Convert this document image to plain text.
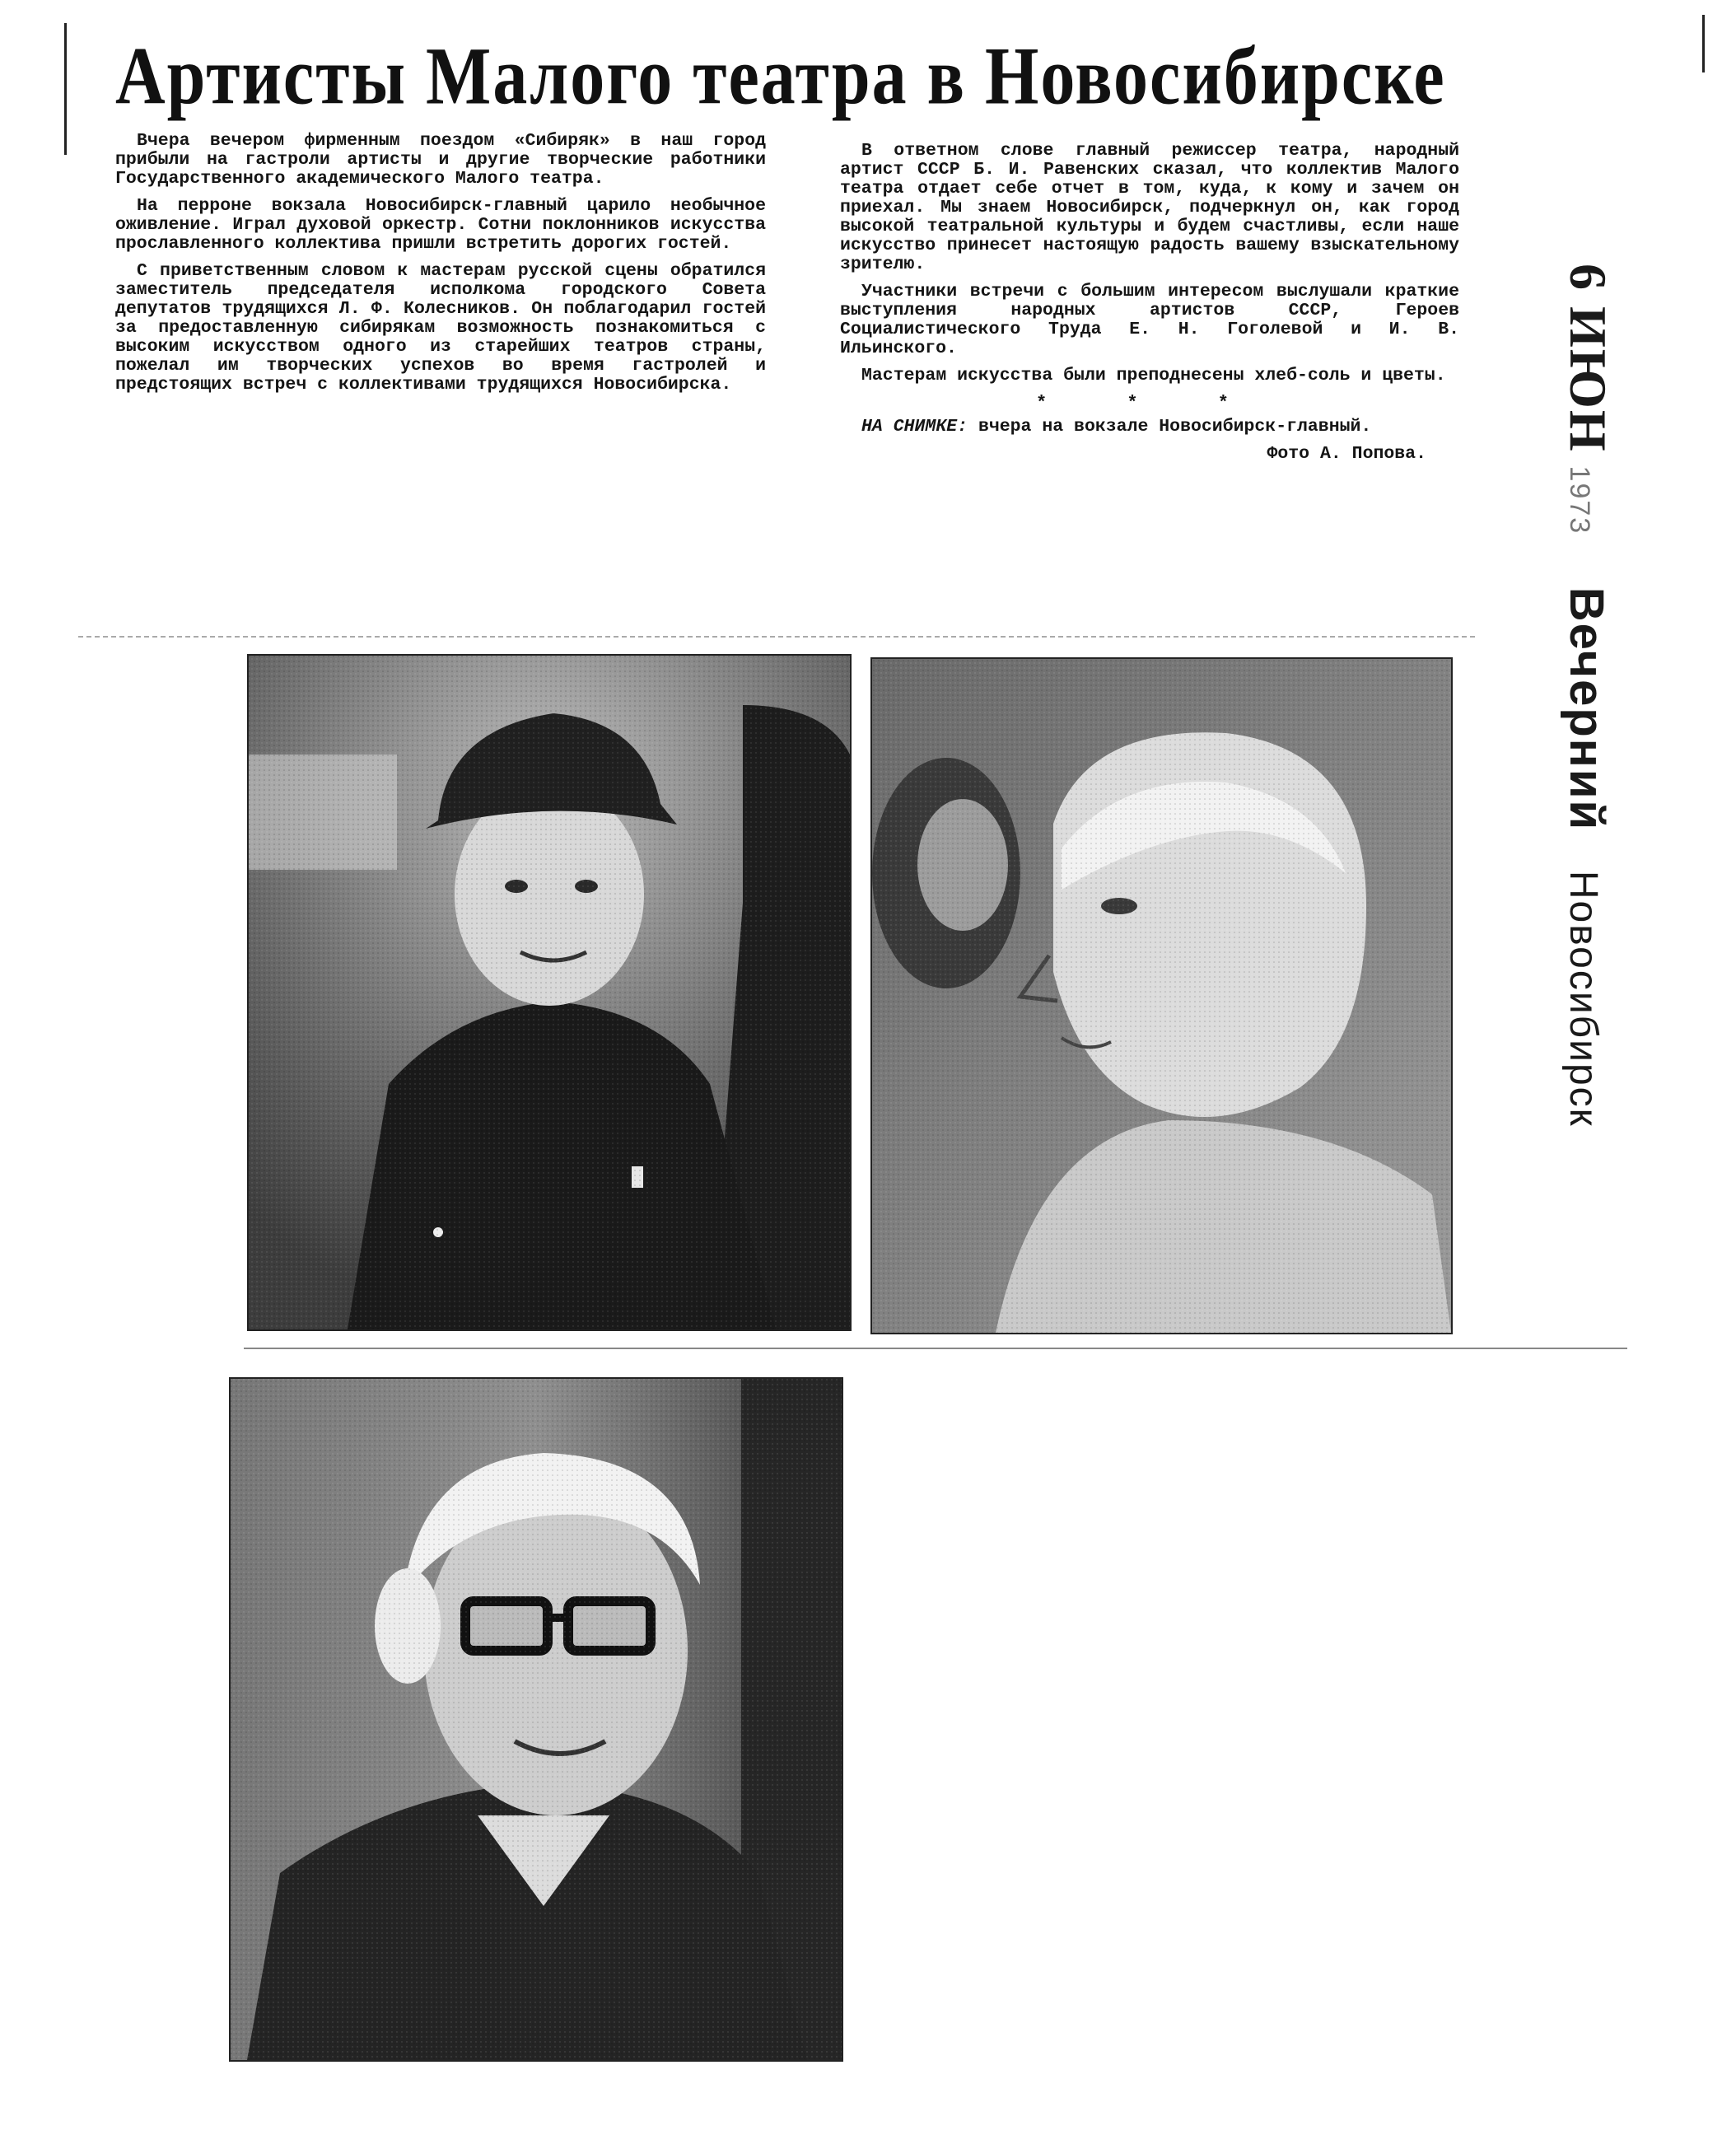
Артисты Малого театра в Новосибирске

Вчера вечером фирменным поездом «Сибиряк» в наш город прибыли на гастроли артисты и другие творческие работники Государственного академического Малого театра.

На перроне вокзала Новосибирск-главный царило необычное оживление. Играл духовой оркестр. Сотни поклонников искусства прославленного коллектива пришли встретить дорогих гостей.

С приветственным словом к мастерам русской сцены обратился заместитель председателя исполкома городского Совета депутатов трудящихся Л. Ф. Колесников. Он поблагодарил гостей за предоставленную сибирякам возможность познакомиться с высоким искусством одного из старейших театров страны, пожелал им творческих успехов во время гастролей и предстоящих встреч с коллективами трудящихся Новосибирска.

В ответном слове главный режиссер театра, народный артист СССР Б. И. Равенских сказал, что коллектив Малого театра отдает себе отчет в том, куда, к кому и зачем он приехал. Мы знаем Новосибирск, подчеркнул он, как город высокой театральной культуры и будем счастливы, если наше искусство принесет настоящую радость вашему взыскательному зрителю.

Участники встречи с большим интересом выслушали краткие выступления народных артистов СССР, Героев Социалистического Труда Е. Н. Гоголевой и И. В. Ильинского.

Мастерам искусства были преподнесены хлеб-соль и цветы.

* * *

НА СНИМКЕ: вчера на вокзале Новосибирск-главный.

Фото А. Попова.
6 ИЮН 1973    Вечерний   Новосибирск
